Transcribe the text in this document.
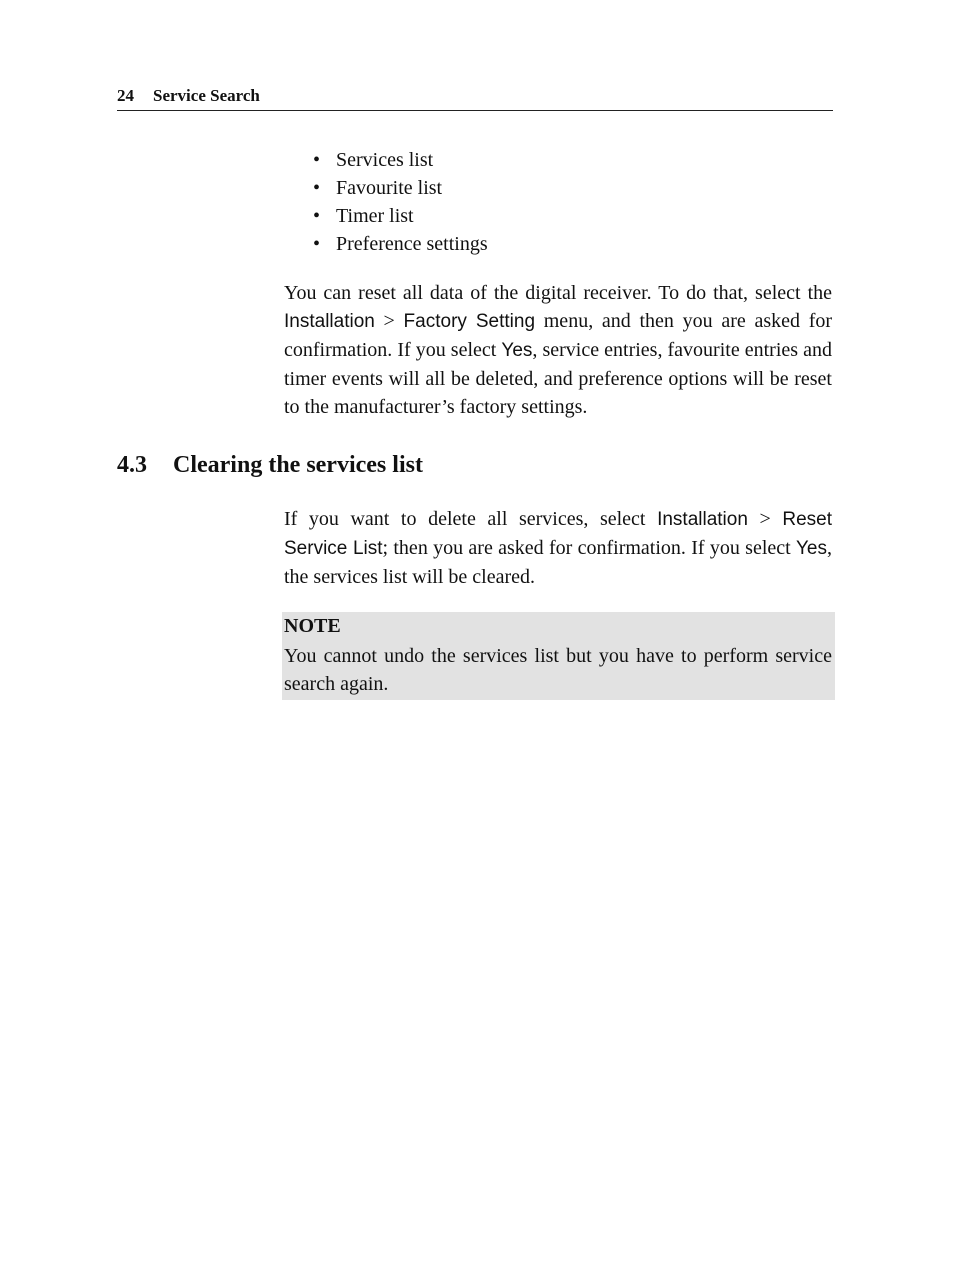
24 Service Search
• Services list
• Favourite list
• Timer list
• Preference settings

You can reset all data of the digital receiver. To do that, select the Installation > Factory Setting menu, and then you are asked for confirmation. If you select Yes, service entries, favourite entries and timer events will all be deleted, and preference options will be reset to the manufacturer’s factory settings.

4.3 Clearing the services list

If you want to delete all services, select Installation > Reset Service List; then you are asked for confirmation. If you select Yes, the services list will be cleared.

NOTE

You cannot undo the services list but you have to perform service search again.
